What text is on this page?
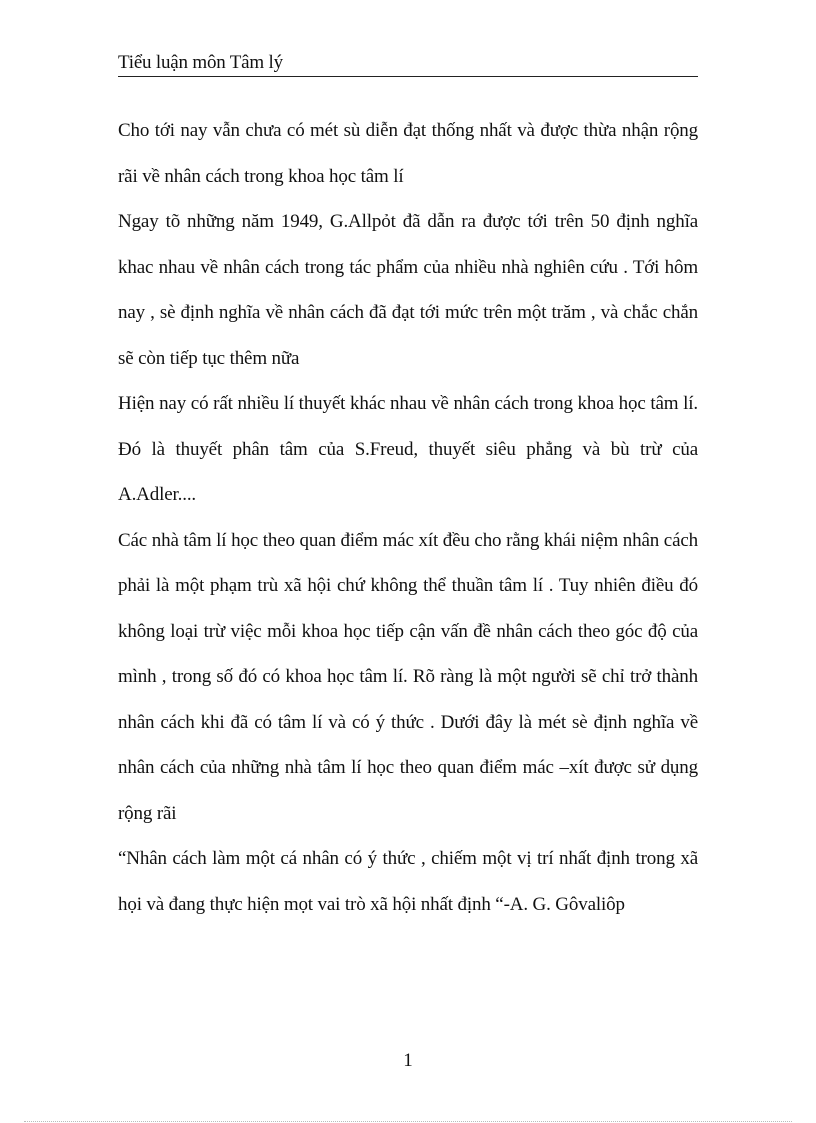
Tiểu luận môn Tâm lý

Cho tới nay vẫn chưa có mét sù diễn đạt thống nhất và được thừa nhận rộng rãi về nhân cách trong khoa học tâm lí

Ngay tõ những năm 1949, G.Allpỏt đã dẫn ra được tới trên 50 định nghĩa khac nhau về nhân cách trong tác phẩm của nhiều nhà nghiên cứu . Tới hôm nay , sè định nghĩa về nhân cách đã đạt tới mức trên một trăm , và chắc chắn sẽ còn tiếp tục thêm nữa

Hiện nay có rất nhiều lí thuyết khác nhau về nhân cách trong khoa học tâm lí. Đó là thuyết phân tâm của S.Freud, thuyết siêu phẳng và bù trừ của A.Adler....

Các nhà tâm lí học theo quan điểm mác xít đều cho rằng khái niệm nhân cách phải là một phạm trù xã hội chứ không thể thuần tâm lí . Tuy nhiên điều đó không loại trừ việc mỗi khoa học tiếp cận vấn đề nhân cách theo góc độ của mình , trong số đó có khoa học tâm lí. Rõ ràng là một người sẽ chỉ trở thành nhân cách khi đã có tâm lí và có ý thức . Dưới đây là mét sè định nghĩa về nhân cách của những nhà tâm lí học theo quan điểm mác –xít được sử dụng rộng rãi

“Nhân cách làm một cá nhân có ý thức , chiếm một vị trí nhất định trong xã họi và đang thực hiện mọt vai trò xã hội nhất định “-A. G. Gôvaliôp

1
